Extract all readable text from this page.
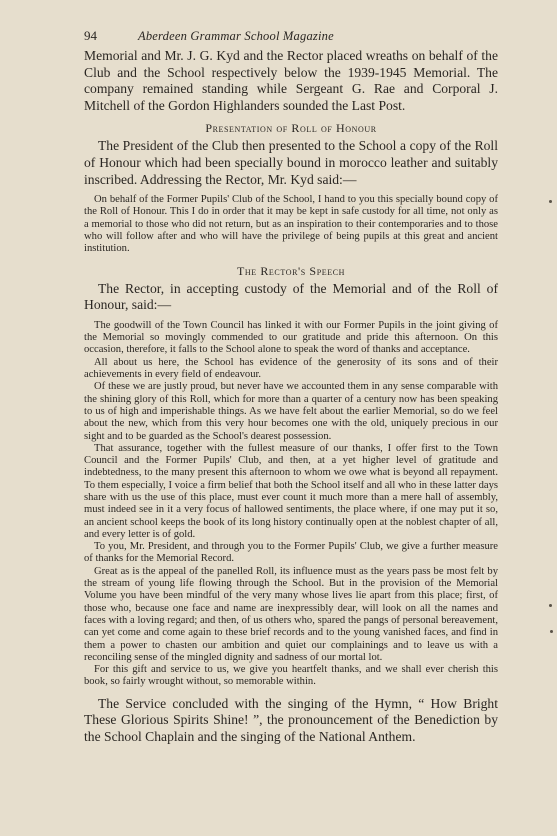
94	Aberdeen Grammar School Magazine

Memorial and Mr. J. G. Kyd and the Rector placed wreaths on behalf of the Club and the School respectively below the 1939-1945 Memorial. The company remained standing while Sergeant G. Rae and Corporal J. Mitchell of the Gordon Highlanders sounded the Last Post.

Presentation of Roll of Honour

The President of the Club then presented to the School a copy of the Roll of Honour which had been specially bound in morocco leather and suitably inscribed. Addressing the Rector, Mr. Kyd said:—

On behalf of the Former Pupils' Club of the School, I hand to you this specially bound copy of the Roll of Honour. This I do in order that it may be kept in safe custody for all time, not only as a memorial to those who did not return, but as an inspiration to their contemporaries and to those who will follow after and who will have the privilege of being pupils at this great and ancient institution.

The Rector's Speech

The Rector, in accepting custody of the Memorial and of the Roll of Honour, said:—

The goodwill of the Town Council has linked it with our Former Pupils in the joint giving of the Memorial so movingly commended to our gratitude and pride this afternoon. On this occasion, therefore, it falls to the School alone to speak the word of thanks and acceptance.

All about us here, the School has evidence of the generosity of its sons and of their achievements in every field of endeavour.

Of these we are justly proud, but never have we accounted them in any sense comparable with the shining glory of this Roll, which for more than a quarter of a century now has been speaking to us of high and imperishable things. As we have felt about the earlier Memorial, so do we feel about the new, which from this very hour becomes one with the old, uniquely precious in our sight and to be guarded as the School's dearest possession.

That assurance, together with the fullest measure of our thanks, I offer first to the Town Council and the Former Pupils' Club, and then, at a yet higher level of gratitude and indebtedness, to the many present this afternoon to whom we owe what is beyond all repayment. To them especially, I voice a firm belief that both the School itself and all who in these latter days share with us the use of this place, must ever count it much more than a mere hall of assembly, must indeed see in it a very focus of hallowed sentiments, the place where, if one may put it so, an ancient school keeps the book of its long history continually open at the noblest chapter of all, and every letter is of gold.

To you, Mr. President, and through you to the Former Pupils' Club, we give a further measure of thanks for the Memorial Record.

Great as is the appeal of the panelled Roll, its influence must as the years pass be most felt by the stream of young life flowing through the School. But in the provision of the Memorial Volume you have been mindful of the very many whose lives lie apart from this place; first, of those who, because one face and name are inexpressibly dear, will look on all the names and faces with a loving regard; and then, of us others who, spared the pangs of personal bereavement, can yet come and come again to these brief records and to the young vanished faces, and find in them a power to chasten our ambition and quiet our complainings and to leave us with a reconciling sense of the mingled dignity and sadness of our mortal lot.

For this gift and service to us, we give you heartfelt thanks, and we shall ever cherish this book, so fairly wrought without, so memorable within.

The Service concluded with the singing of the Hymn, “ How Bright These Glorious Spirits Shine! ”, the pronouncement of the Benediction by the School Chaplain and the singing of the National Anthem.
